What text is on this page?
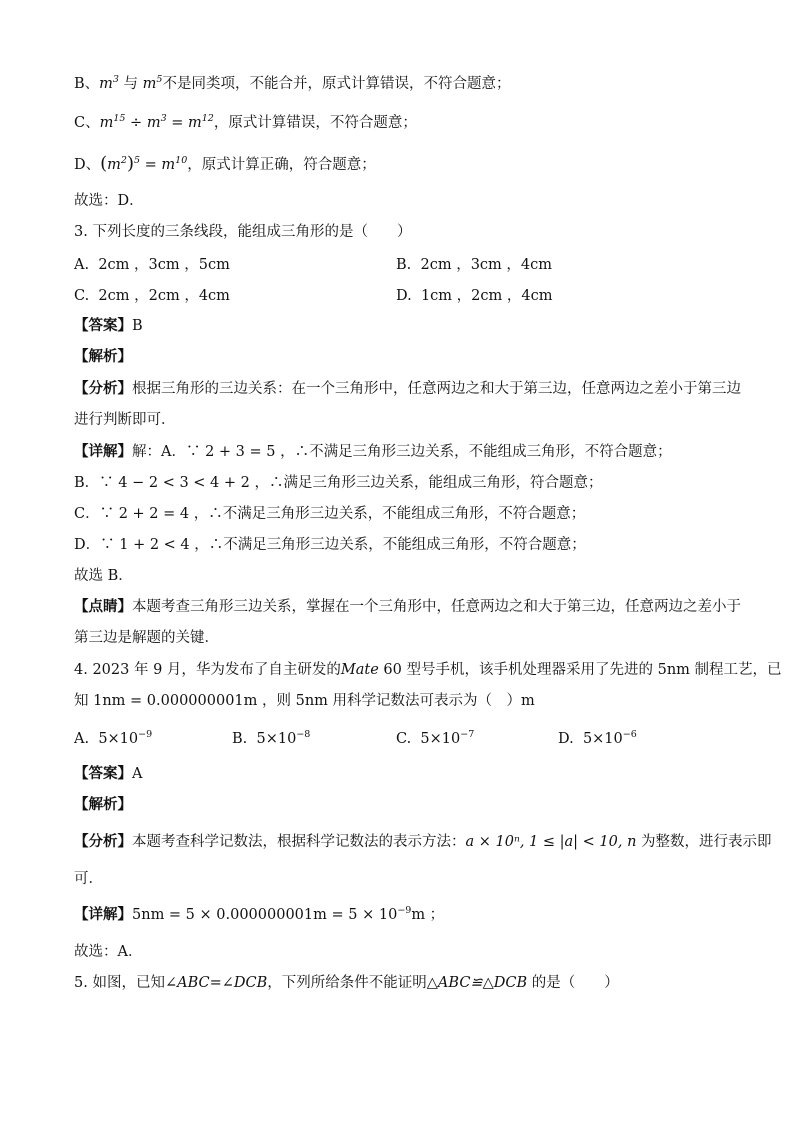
B、$m^3$ 与 $m^5$不是同类项，不能合并，原式计算错误，不符合题意；
C、$m^{15} \div m^3 = m^{12}$，原式计算错误，不符合题意；
D、$(m^2)^5 = m^{10}$，原式计算正确，符合题意；
故选：D．
3. 下列长度的三条线段，能组成三角形的是（　　）
A. 2cm ，3cm ，5cm	B. 2cm ，3cm ，4cm
C. 2cm ，2cm ，4cm	D. 1cm ，2cm ，4cm
【答案】B
【解析】
【分析】根据三角形的三边关系：在一个三角形中，任意两边之和大于第三边，任意两边之差小于第三边
进行判断即可．
【详解】解：A．∵ 2 + 3 = 5 ，∴不满足三角形三边关系，不能组成三角形，不符合题意；
B．∵ 4 − 2 < 3 < 4 + 2 ，∴满足三角形三边关系，能组成三角形，符合题意；
C．∵ 2 + 2 = 4 ，∴不满足三角形三边关系，不能组成三角形，不符合题意；
D．∵ 1 + 2 < 4 ，∴不满足三角形三边关系，不能组成三角形，不符合题意；
故选 B．
【点睛】本题考查三角形三边关系，掌握在一个三角形中，任意两边之和大于第三边，任意两边之差小于
第三边是解题的关键．
4. 2023 年 9 月，华为发布了自主研发的Mate 60 型号手机，该手机处理器采用了先进的 5nm 制程工艺，已
知 1nm = 0.000000001m ，则 5nm 用科学记数法可表示为（　）m
A. $5\times 10^{-9}$	B. $5\times 10^{-8}$	C. $5\times 10^{-7}$	D. $5\times 10^{-6}$
【答案】A
【解析】
【分析】本题考查科学记数法，根据科学记数法的表示方法：a × 10ⁿ, 1 ≤ |a| < 10, n 为整数，进行表示即
可．
【详解】$5nm = 5 \times 0.000000001m = 5 \times 10^{-9}m$ ；
故选：A．
5. 如图，已知∠ABC=∠DCB，下列所给条件不能证明△ABC≌△DCB 的是（　　）
